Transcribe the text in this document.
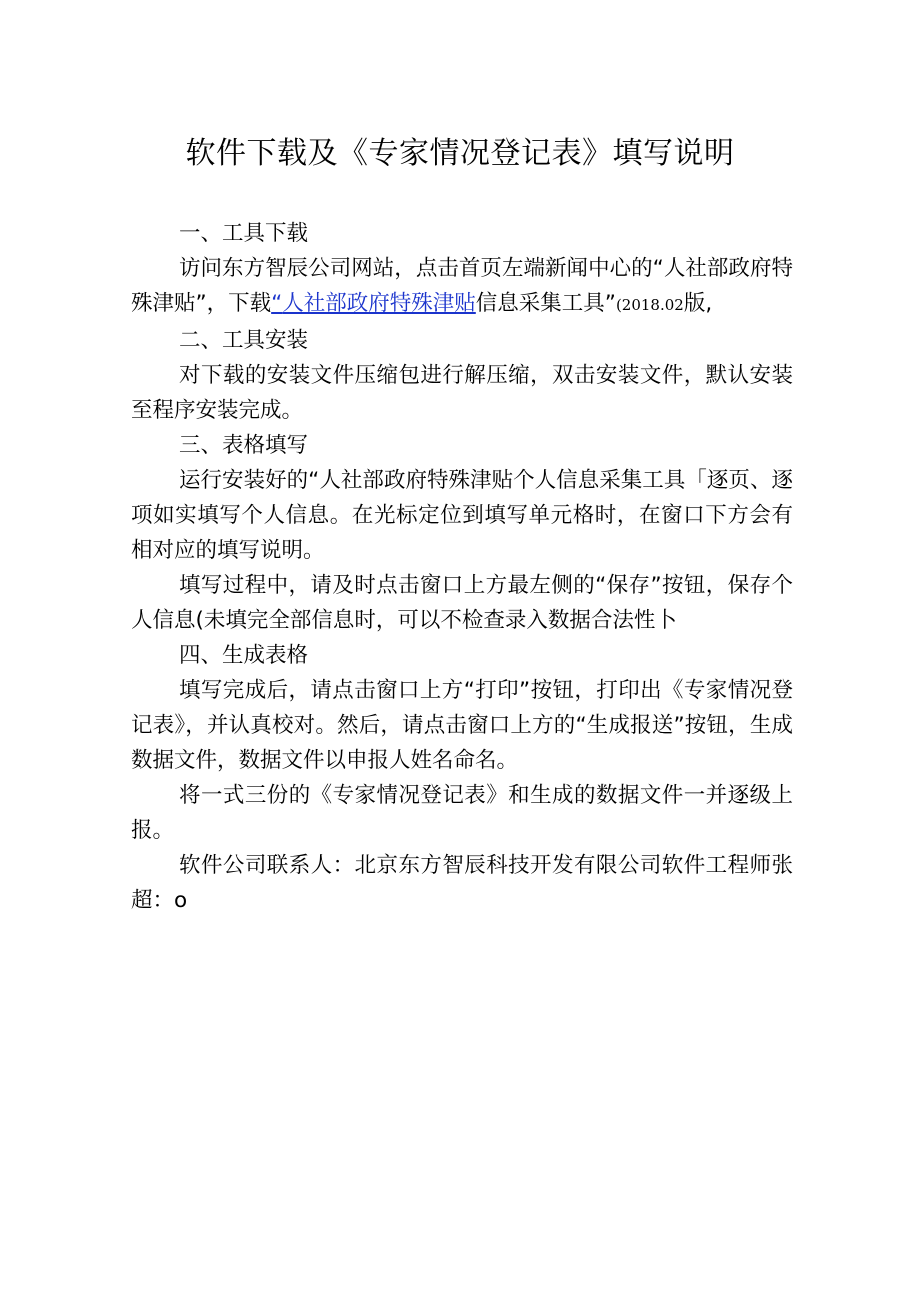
软件下载及《专家情况登记表》填写说明

一、工具下载

访问东方智辰公司网站，点击首页左端新闻中心的“人社部政府特殊津贴”，下载“人社部政府特殊津贴信息采集工具”(2018.02版,

二、工具安装

对下载的安装文件压缩包进行解压缩，双击安装文件，默认安装至程序安装完成。

三、表格填写

运行安装好的“人社部政府特殊津贴个人信息采集工具「逐页、逐项如实填写个人信息。在光标定位到填写单元格时，在窗口下方会有相对应的填写说明。

填写过程中，请及时点击窗口上方最左侧的“保存”按钮，保存个人信息(未填完全部信息时，可以不检查录入数据合法性卜

四、生成表格

填写完成后，请点击窗口上方“打印”按钮，打印出《专家情况登记表》，并认真校对。然后，请点击窗口上方的“生成报送”按钮，生成数据文件，数据文件以申报人姓名命名。

将一式三份的《专家情况登记表》和生成的数据文件一并逐级上报。

软件公司联系人：北京东方智辰科技开发有限公司软件工程师张超：o
